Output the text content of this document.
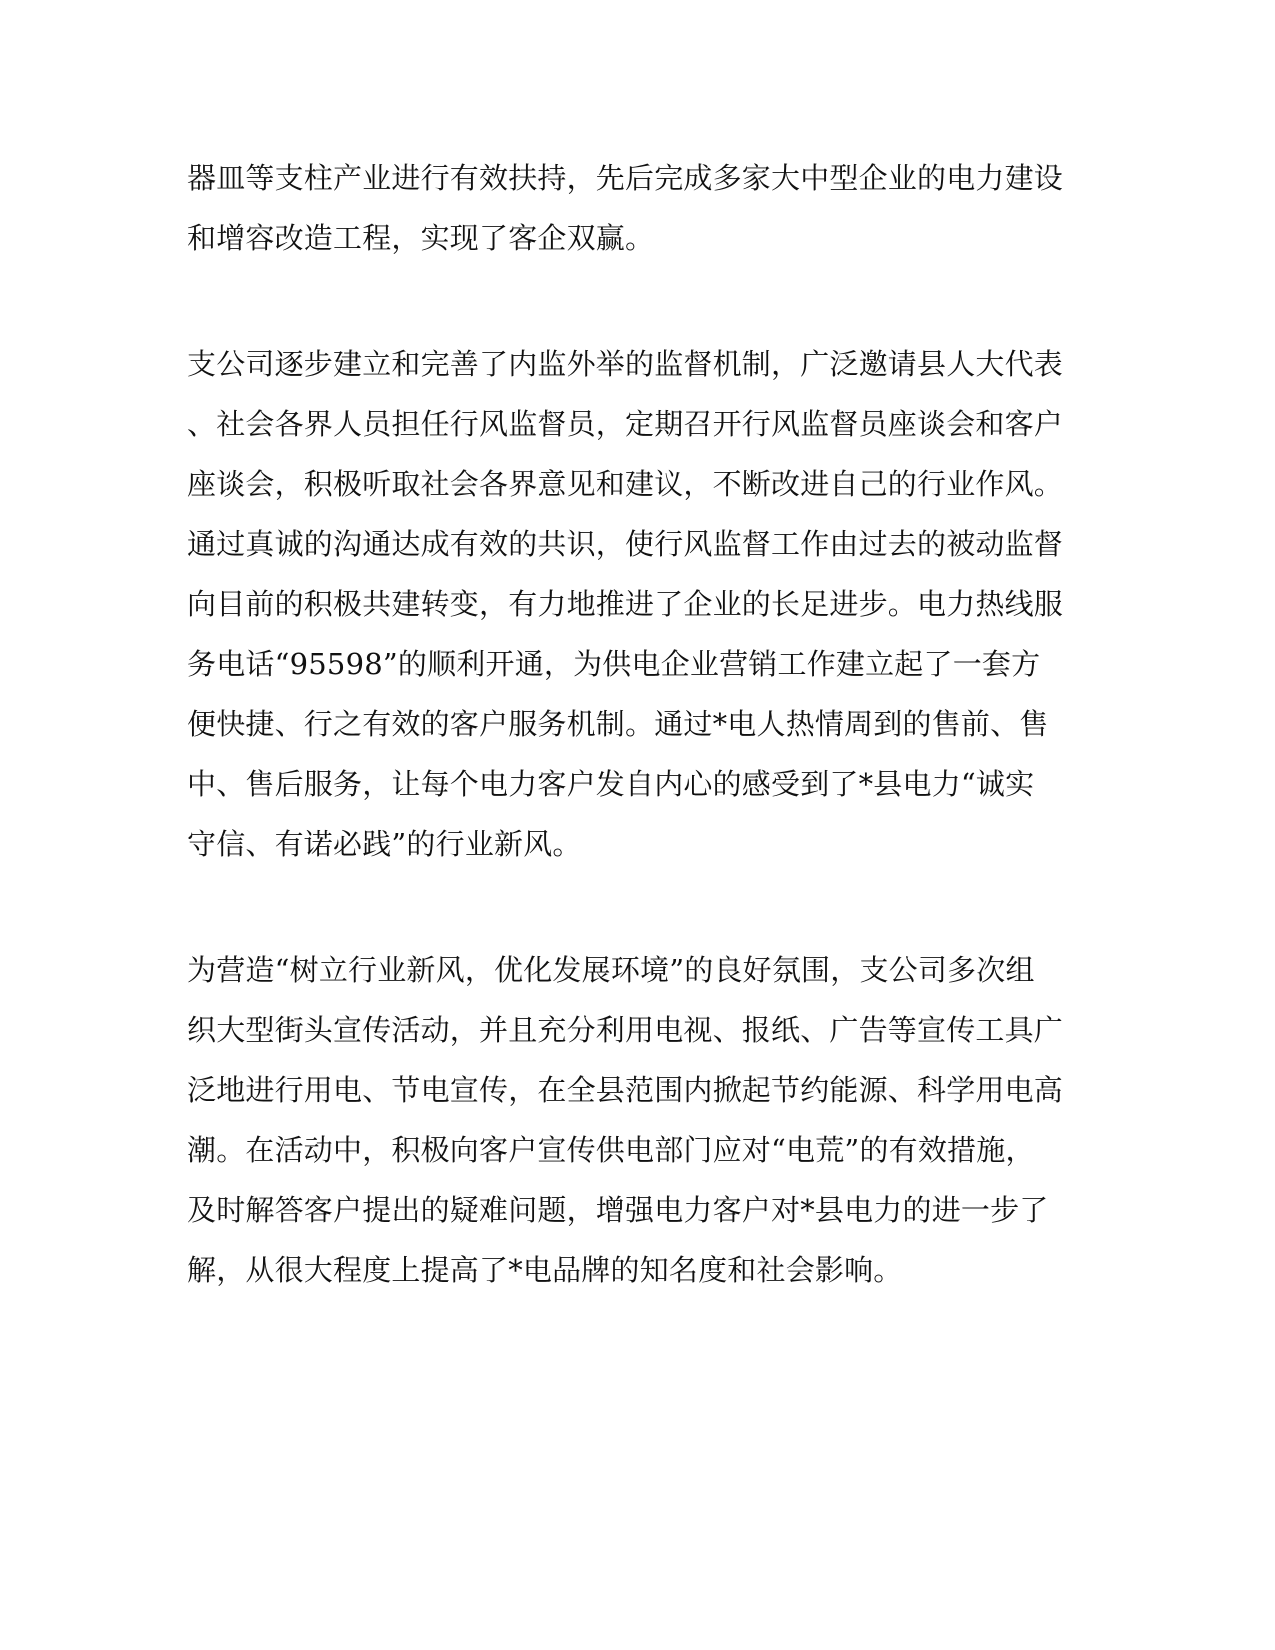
器皿等支柱产业进行有效扶持，先后完成多家大中型企业的电力建设
和增容改造工程，实现了客企双赢。
支公司逐步建立和完善了内监外举的监督机制，广泛邀请县人大代表
、社会各界人员担任行风监督员，定期召开行风监督员座谈会和客户
座谈会，积极听取社会各界意见和建议，不断改进自己的行业作风。
通过真诚的沟通达成有效的共识，使行风监督工作由过去的被动监督
向目前的积极共建转变，有力地推进了企业的长足进步。电力热线服
务电话“95598”的顺利开通，为供电企业营销工作建立起了一套方
便快捷、行之有效的客户服务机制。通过*电人热情周到的售前、售
中、售后服务，让每个电力客户发自内心的感受到了*县电力“诚实
守信、有诺必践”的行业新风。
为营造“树立行业新风，优化发展环境”的良好氛围，支公司多次组
织大型街头宣传活动，并且充分利用电视、报纸、广告等宣传工具广
泛地进行用电、节电宣传，在全县范围内掀起节约能源、科学用电高
潮。在活动中，积极向客户宣传供电部门应对“电荒”的有效措施，
及时解答客户提出的疑难问题，增强电力客户对*县电力的进一步了
解，从很大程度上提高了*电品牌的知名度和社会影响。
